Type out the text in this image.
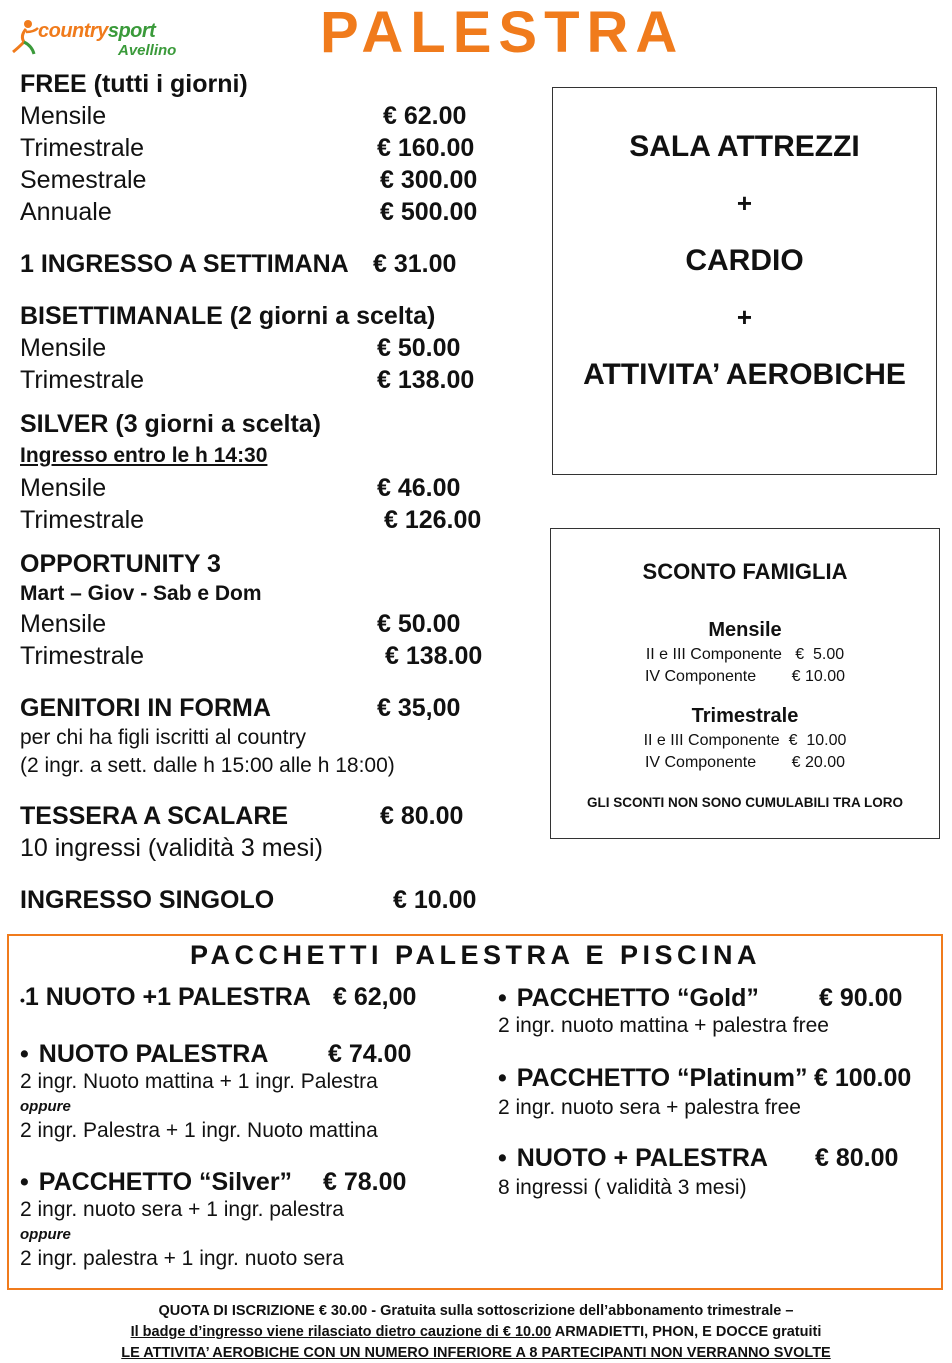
countrysport
Avellino PALESTRA
FREE (tutti i giorni)
Mensile	€ 62.00
Trimestrale	€ 160.00
Semestrale	€ 300.00
Annuale	€ 500.00
1 INGRESSO A SETTIMANA € 31.00
BISETTIMANALE (2 giorni a scelta)
Mensile	€ 50.00
Trimestrale	€ 138.00
SILVER (3 giorni a scelta)
Ingresso entro le h 14:30
Mensile	€ 46.00
Trimestrale	€ 126.00
OPPORTUNITY 3
Mart – Giov - Sab e Dom
Mensile	€ 50.00
Trimestrale	€ 138.00
GENITORI IN FORMA	€ 35,00
per chi ha figli iscritti al country
(2 ingr. a sett. dalle h 15:00 alle h 18:00)
TESSERA A SCALARE	€ 80.00
10 ingressi (validità 3 mesi)
INGRESSO SINGOLO	€ 10.00
SALA ATTREZZI
+
CARDIO
+
ATTIVITA’ AEROBICHE
SCONTO FAMIGLIA
Mensile
II e III Componente   €  5.00
IV Componente        € 10.00
Trimestrale
II e III Componente  €  10.00
IV Componente        € 20.00
GLI SCONTI NON SONO CUMULABILI TRA LORO
PACCHETTI PALESTRA E PISCINA
•1 NUOTO +1 PALESTRA € 62,00
• NUOTO PALESTRA € 74.00
2 ingr. Nuoto mattina + 1 ingr. Palestra
oppure
2 ingr. Palestra + 1 ingr. Nuoto mattina
• PACCHETTO “Silver” € 78.00
2 ingr. nuoto sera + 1 ingr. palestra
oppure
2 ingr. palestra + 1 ingr. nuoto sera
• PACCHETTO “Gold” € 90.00
2 ingr. nuoto mattina + palestra free
• PACCHETTO “Platinum” € 100.00
2 ingr. nuoto sera + palestra free
• NUOTO + PALESTRA € 80.00
8 ingressi ( validità 3 mesi)
QUOTA DI ISCRIZIONE € 30.00 - Gratuita sulla sottoscrizione dell’abbonamento trimestrale –
Il badge d’ingresso viene rilasciato dietro cauzione di € 10.00 ARMADIETTI, PHON, E DOCCE gratuiti
LE ATTIVITA’ AEROBICHE CON UN NUMERO INFERIORE A 8 PARTECIPANTI NON VERRANNO SVOLTE
